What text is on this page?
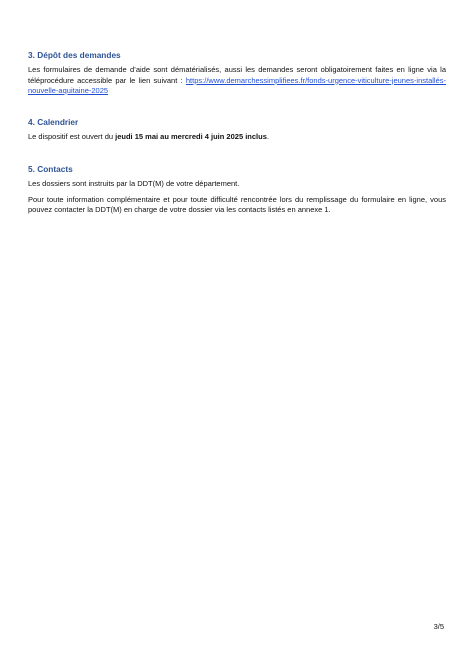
3. Dépôt des demandes

Les formulaires de demande d’aide sont dématérialisés, aussi les demandes seront obligatoirement faites en ligne via la téléprocédure accessible par le lien suivant : https://www.demarchessimplifiees.fr/fonds-urgence-viticulture-jeunes-installés-nouvelle-aquitaine-2025

4. Calendrier

Le dispositif est ouvert du jeudi 15 mai au mercredi 4 juin 2025 inclus.

5. Contacts

Les dossiers sont instruits par la DDT(M) de votre département.

Pour toute information complémentaire et pour toute difficulté rencontrée lors du remplissage du formulaire en ligne, vous pouvez contacter la DDT(M) en charge de votre dossier via les contacts listés en annexe 1.

3/5
